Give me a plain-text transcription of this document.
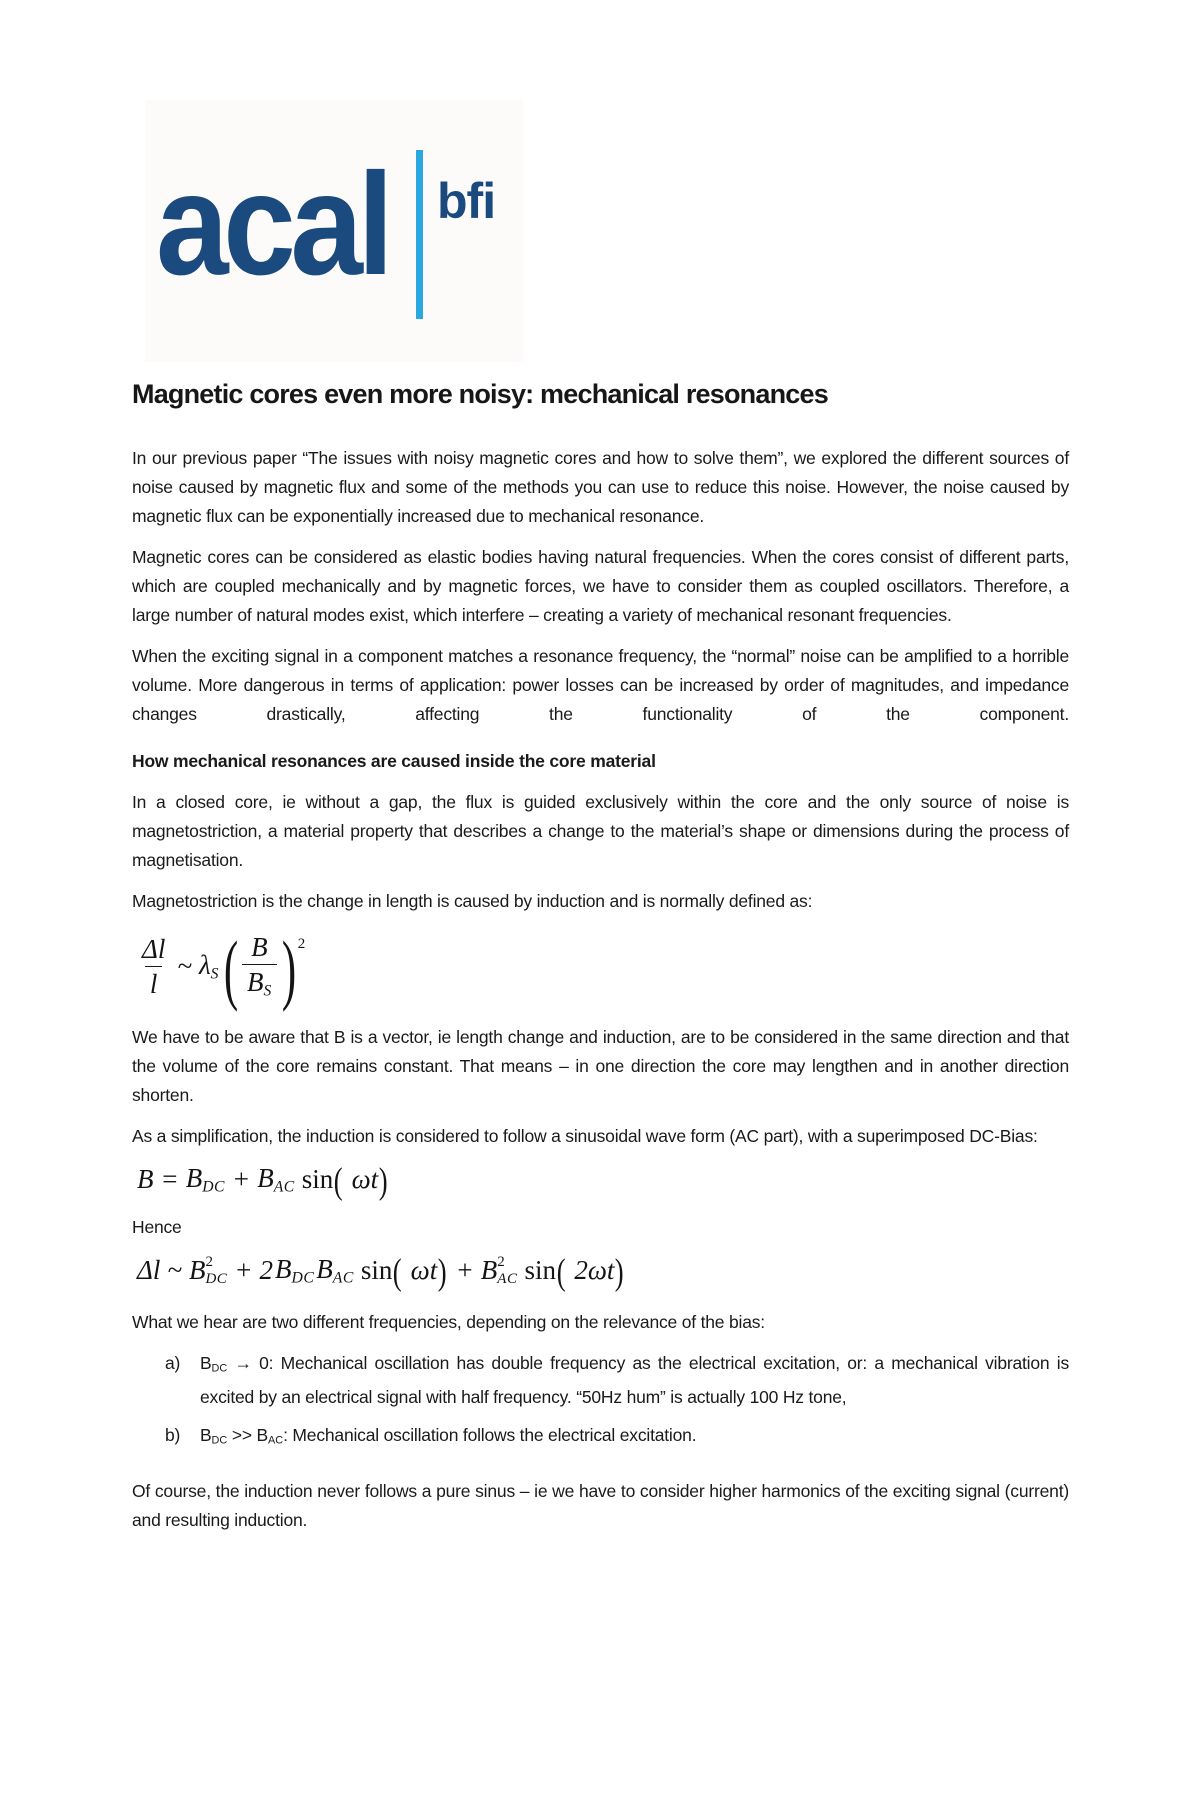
acal bfi
Magnetic cores even more noisy: mechanical resonances

In our previous paper “The issues with noisy magnetic cores and how to solve them”, we explored the different sources of noise caused by magnetic flux and some of the methods you can use to reduce this noise. However, the noise caused by magnetic flux can be exponentially increased due to mechanical resonance.

Magnetic cores can be considered as elastic bodies having natural frequencies. When the cores consist of different parts, which are coupled mechanically and by magnetic forces, we have to consider them as coupled oscillators. Therefore, a large number of natural modes exist, which interfere – creating a variety of mechanical resonant frequencies.

When the exciting signal in a component matches a resonance frequency, the “normal” noise can be amplified to a horrible volume. More dangerous in terms of application: power losses can be increased by order of magnitudes, and impedance changes drastically, affecting the functionality of the component.

How mechanical resonances are caused inside the core material

In a closed core, ie without a gap, the flux is guided exclusively within the core and the only source of noise is magnetostriction, a material property that describes a change to the material’s shape or dimensions during the process of magnetisation.

Magnetostriction is the change in length is caused by induction and is normally defined as:

$\frac{\Delta l}{l}$ ~ $\lambda_S$ ( $\frac{B}{B_S}$ ) 2

We have to be aware that B is a vector, ie length change and induction, are to be considered in the same direction and that the volume of the core remains constant. That means – in one direction the core may lengthen and in another direction shorten.

As a simplification, the induction is considered to follow a sinusoidal wave form (AC part), with a superimposed DC-Bias:

$B = B_{DC} + B_{AC}$ sin ( ωt )

Hence

Δl ~ B 2
DC + 2 $B_{DC}$ $B_{AC}$ sin ( ωt ) + B 2
AC sin ( 2ωt )

What we hear are two different frequencies, depending on the relevance of the bias:

a)	$B_{DC} \to 0$: Mechanical oscillation has double frequency as the electrical excitation, or: a mechanical vibration is excited by an electrical signal with half frequency. “50Hz hum” is actually 100 Hz tone,
b)	$B_{DC} >> B_{AC}$: Mechanical oscillation follows the electrical excitation.

Of course, the induction never follows a pure sinus – ie we have to consider higher harmonics of the exciting signal (current) and resulting induction.
